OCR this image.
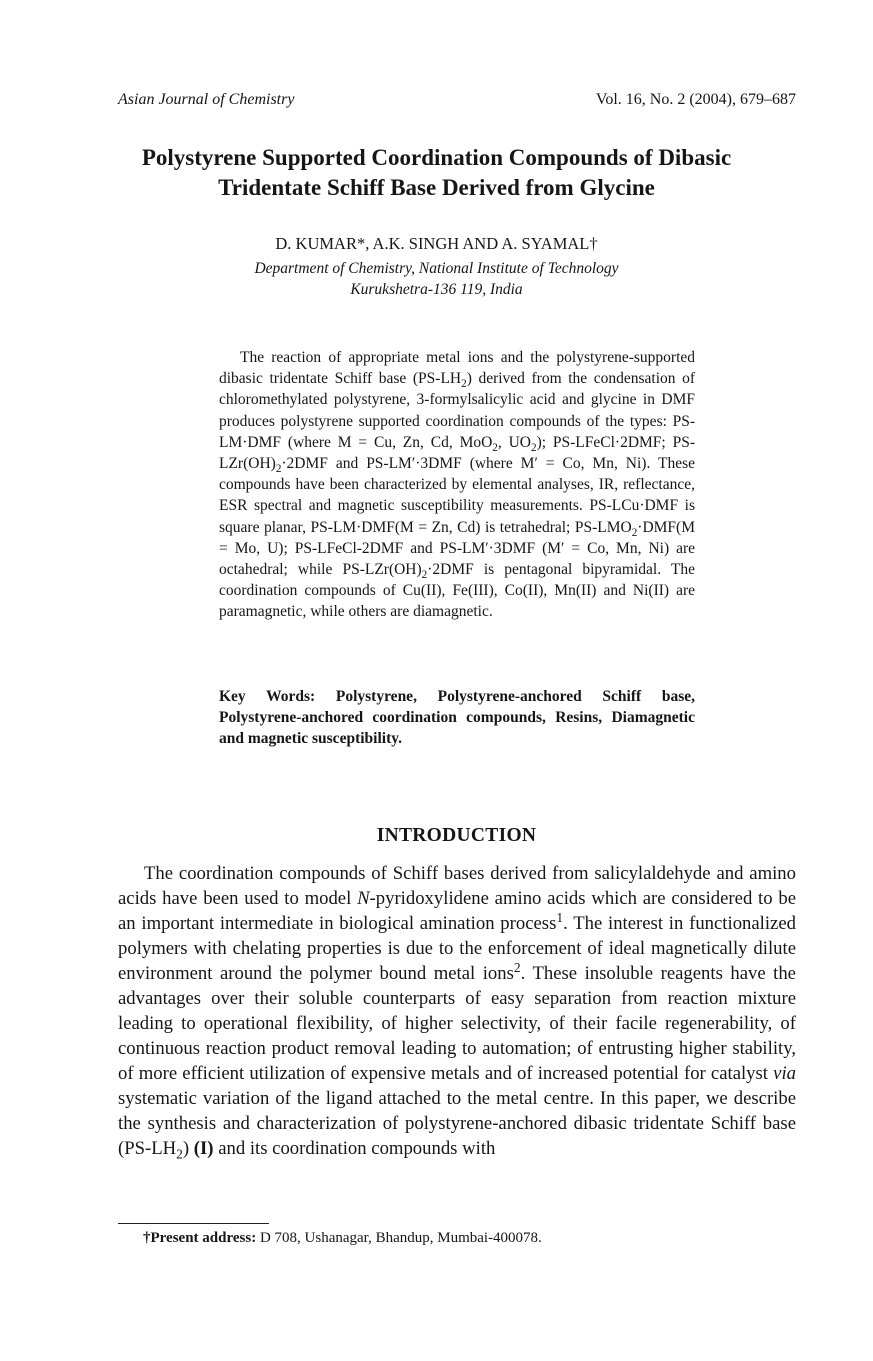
Asian Journal of Chemistry	Vol. 16, No. 2 (2004), 679–687
Polystyrene Supported Coordination Compounds of Dibasic
Tridentate Schiff Base Derived from Glycine
D. KUMAR*, A.K. SINGH AND A. SYAMAL†
Department of Chemistry, National Institute of Technology
Kurukshetra-136 119, India
The reaction of appropriate metal ions and the polystyrene-supported dibasic tridentate Schiff base $(PS-LH_2)$ derived from the condensation of chloromethylated polystyrene, 3-formylsalicylic acid and glycine in DMF produces polystyrene supported coordination compounds of the types: PS-LM·DMF (where M = Cu, Zn, Cd, MoO$_2$, $UO_2$); PS-LFeCl·2DMF; $PS-LZr(OH)_2\cdot 2DMF$ and PS-LM′·3DMF (where M′ = Co, Mn, Ni). These compounds have been characterized by elemental analyses, IR, reflectance, ESR spectral and magnetic susceptibility measurements. PS-LCu·DMF is square planar, PS-LM·DMF(M = Zn, Cd) is tetrahedral; $PS-LMO_2\cdot DMF(M = Mo$, U); PS-LFeCl-2DMF and PS-LM′·3DMF (M′ = Co, Mn, Ni) are octahedral; while $PS-LZr(OH)_2\cdot 2DMF$ is pentagonal bipyramidal. The coordination compounds of Cu(II), Fe(III), Co(II), Mn(II) and Ni(II) are paramagnetic, while others are diamagnetic.
Key Words: Polystyrene, Polystyrene-anchored Schiff base, Polystyrene-anchored coordination compounds, Resins, Diamagnetic and magnetic susceptibility.
INTRODUCTION
The coordination compounds of Schiff bases derived from salicylaldehyde and amino acids have been used to model N-pyridoxylidene amino acids which are considered to be an important intermediate in biological amination process$^1$. The interest in functionalized polymers with chelating properties is due to the enforcement of ideal magnetically dilute environment around the polymer bound metal ions$^2$. These insoluble reagents have the advantages over their soluble counterparts of easy separation from reaction mixture leading to operational flexibility, of higher selectivity, of their facile regenerability, of continuous reaction product removal leading to automation; of entrusting higher stability, of more efficient utilization of expensive metals and of increased potential for catalyst via systematic variation of the ligand attached to the metal centre. In this paper, we describe the synthesis and characterization of polystyrene-anchored dibasic tridentate Schiff base $(PS-LH_2)$ (I) and its coordination compounds with
†Present address: D 708, Ushanagar, Bhandup, Mumbai-400078.
